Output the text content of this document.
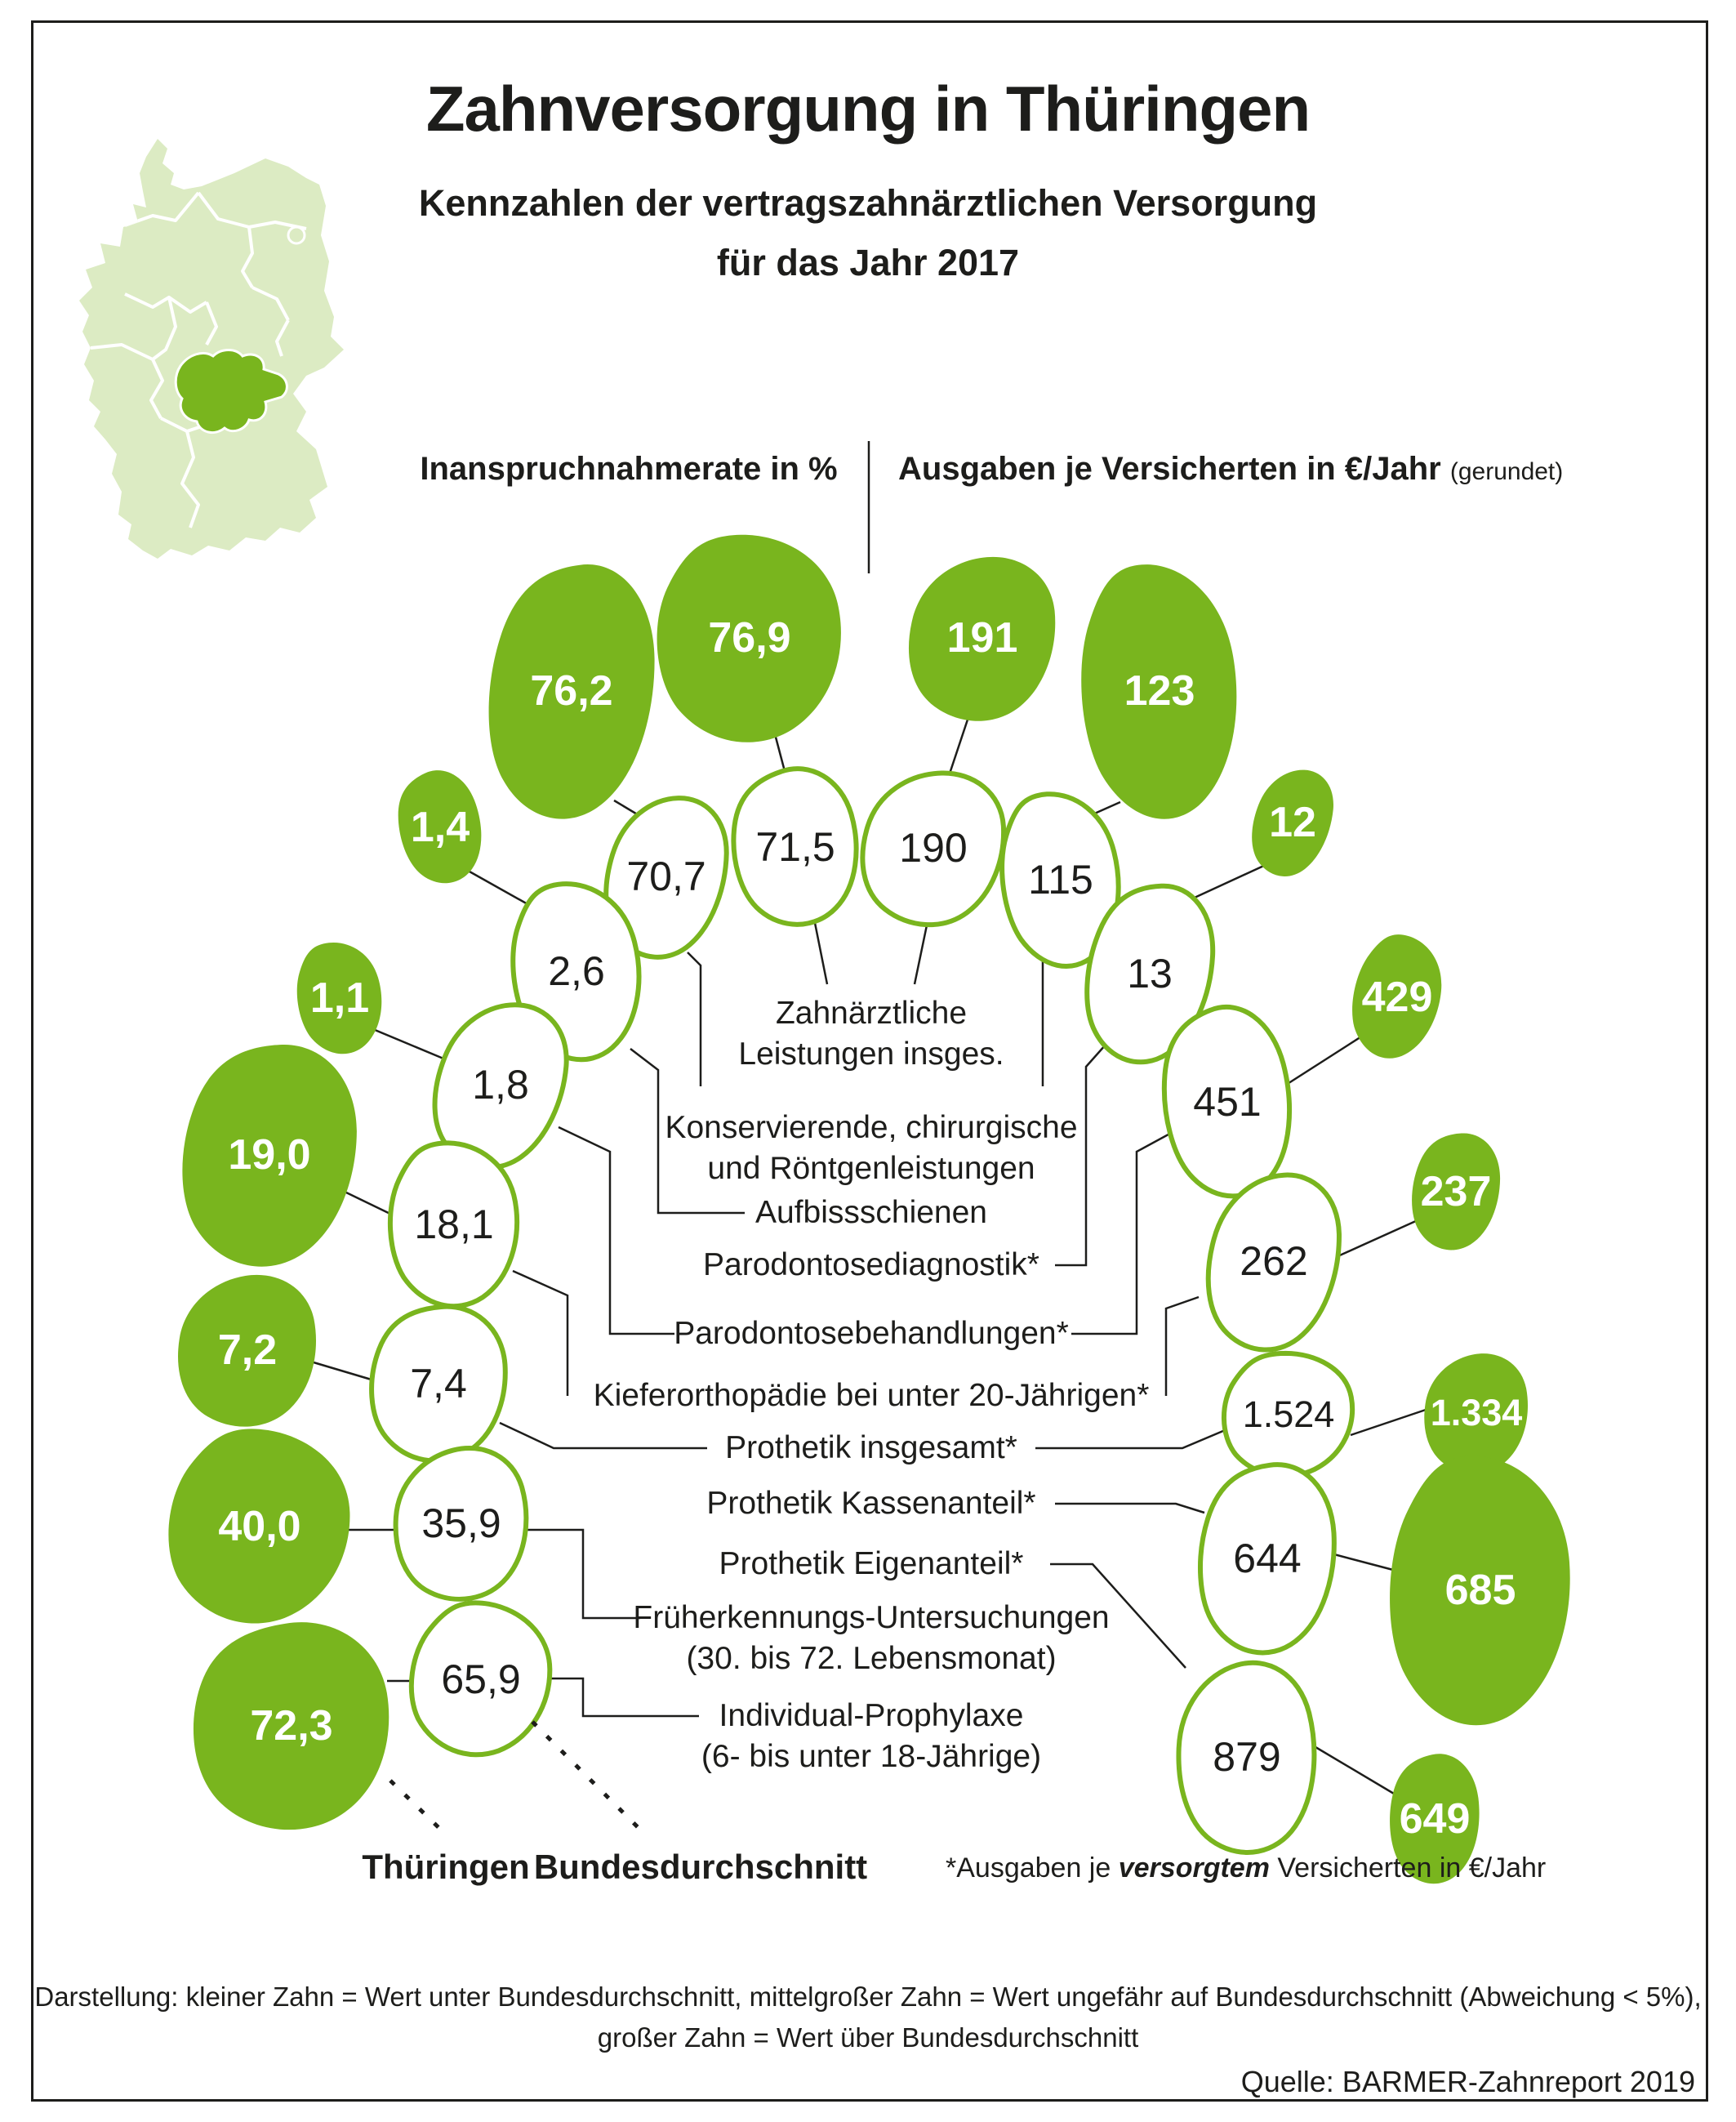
Zahnversorgung in Thüringen
Kennzahlen der vertragszahnärztlichen Versorgung
für das Jahr 2017
Inanspruchnahmerate in % Ausgaben je Versicherten in €/Jahr (gerundet)
76,9
76,2
1,4
191
123
12
1,1
19,0
7,2
40,0
72,3
429
237
1.334
685
649
70,7
71,5
2,6
190
115
13
1,8
18,1
7,4
35,9
65,9
451
262
1.524
644
879
Zahnärztliche
Leistungen insges.
Konservierende, chirurgische
und Röntgenleistungen
Aufbissschienen
Parodontosediagnostik*
Parodontosebehandlungen*
Kieferorthopädie bei unter 20-Jährigen*
Prothetik insgesamt*
Prothetik Kassenanteil*
Prothetik Eigenanteil*
Früherkennungs-Untersuchungen
(30. bis 72. Lebensmonat)
Individual-Prophylaxe
(6- bis unter 18-Jährige)
Thüringen Bundesdurchschnitt	*Ausgaben je versorgtem Versicherten in €/Jahr
Darstellung: kleiner Zahn = Wert unter Bundesdurchschnitt, mittelgroßer Zahn = Wert ungefähr auf Bundesdurchschnitt (Abweichung < 5%),
großer Zahn = Wert über Bundesdurchschnitt
Quelle: BARMER-Zahnreport 2019
